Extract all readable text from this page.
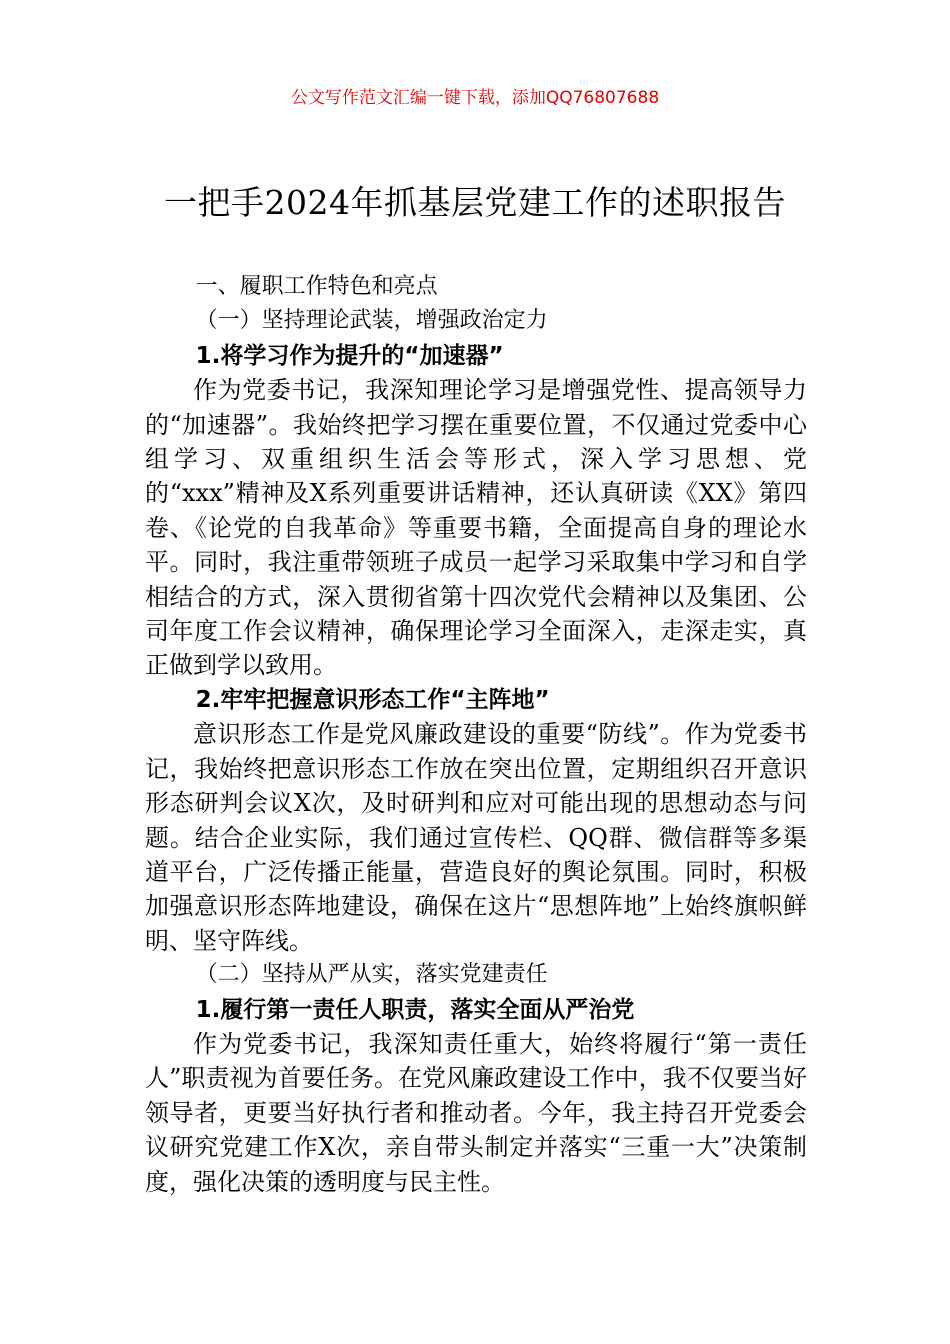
公文写作范文汇编一键下载，添加QQ76807688
一把手2024年抓基层党建工作的述职报告

一、履职工作特色和亮点

（一）坚持理论武装，增强政治定力

1.将学习作为提升的“加速器”

作为党委书记，我深知理论学习是增强党性、提高领导力的“加速器”。我始终把学习摆在重要位置，不仅通过党委中心组学习、双重组织生活会等形式，深入学习思想、党的“xxx”精神及X系列重要讲话精神，还认真研读《XX》第四卷、《论党的自我革命》等重要书籍，全面提高自身的理论水平。同时，我注重带领班子成员一起学习采取集中学习和自学相结合的方式，深入贯彻省第十四次党代会精神以及集团、公司年度工作会议精神，确保理论学习全面深入，走深走实，真正做到学以致用。

2.牢牢把握意识形态工作“主阵地”

意识形态工作是党风廉政建设的重要“防线”。作为党委书记，我始终把意识形态工作放在突出位置，定期组织召开意识形态研判会议X次，及时研判和应对可能出现的思想动态与问题。结合企业实际，我们通过宣传栏、QQ群、微信群等多渠道平台，广泛传播正能量，营造良好的舆论氛围。同时，积极加强意识形态阵地建设，确保在这片“思想阵地”上始终旗帜鲜明、坚守阵线。

（二）坚持从严从实，落实党建责任

1.履行第一责任人职责，落实全面从严治党

作为党委书记，我深知责任重大，始终将履行“第一责任人”职责视为首要任务。在党风廉政建设工作中，我不仅要当好领导者，更要当好执行者和推动者。今年，我主持召开党委会议研究党建工作X次，亲自带头制定并落实“三重一大”决策制度，强化决策的透明度与民主性。
